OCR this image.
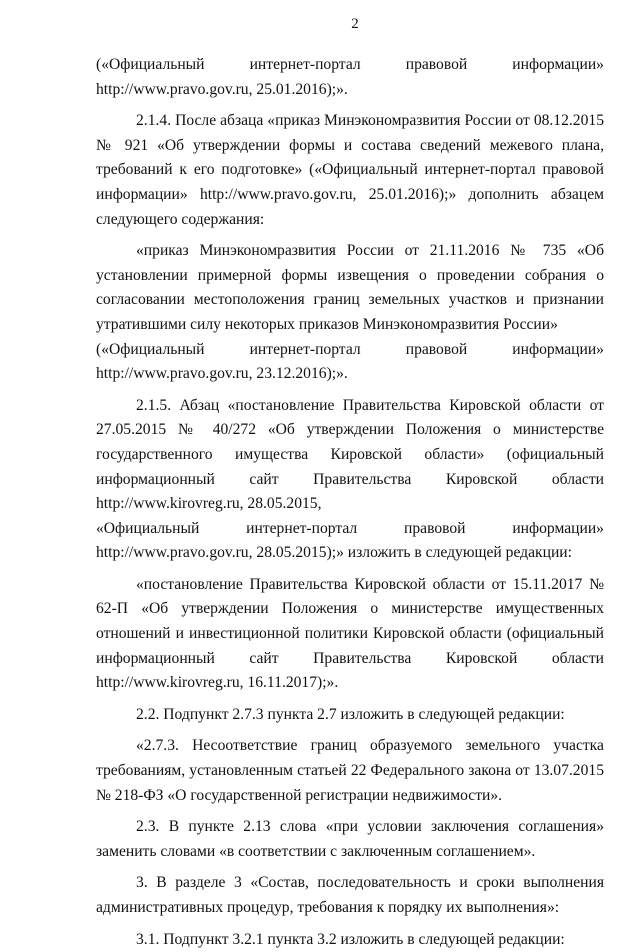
2
(«Официальный	интернет-портал	правовой	информации»
http://www.pravo.gov.ru, 25.01.2016);».

2.1.4. После абзаца «приказ Минэкономразвития России от 08.12.2015 № 921 «Об утверждении формы и состава сведений межевого плана, требований к его подготовке» («Официальный интернет-портал правовой информации» http://www.pravo.gov.ru, 25.01.2016);» дополнить абзацем следующего содержания:

«приказ Минэкономразвития России от 21.11.2016 № 735 «Об установлении примерной формы извещения о проведении собрания о согласовании местоположения границ земельных участков и признании утратившими силу некоторых приказов Минэкономразвития России»

(«Официальный	интернет-портал	правовой	информации»
http://www.pravo.gov.ru, 23.12.2016);».

2.1.5. Абзац «постановление Правительства Кировской области от 27.05.2015 № 40/272 «Об утверждении Положения о министерстве государственного имущества Кировской области» (официальный информационный сайт Правительства Кировской области http://www.kirovreg.ru, 28.05.2015,

«Официальный	интернет-портал	правовой	информации»
http://www.pravo.gov.ru, 28.05.2015);» изложить в следующей редакции:

«постановление Правительства Кировской области от 15.11.2017 № 62-П «Об утверждении Положения о министерстве имущественных отношений и инвестиционной политики Кировской области (официальный информационный сайт Правительства Кировской области http://www.kirovreg.ru, 16.11.2017);».

2.2. Подпункт 2.7.3 пункта 2.7 изложить в следующей редакции:

«2.7.3. Несоответствие границ образуемого земельного участка

требованиям, установленным статьей 22 Федерального закона от 13.07.2015 № 218-ФЗ «О государственной регистрации недвижимости».

2.3. В пункте 2.13 слова «при условии заключения соглашения» заменить словами «в соответствии с заключенным соглашением».

3. В разделе 3 «Состав, последовательность и сроки выполнения административных процедур, требования к порядку их выполнения»:

3.1. Подпункт 3.2.1 пункта 3.2 изложить в следующей редакции:
